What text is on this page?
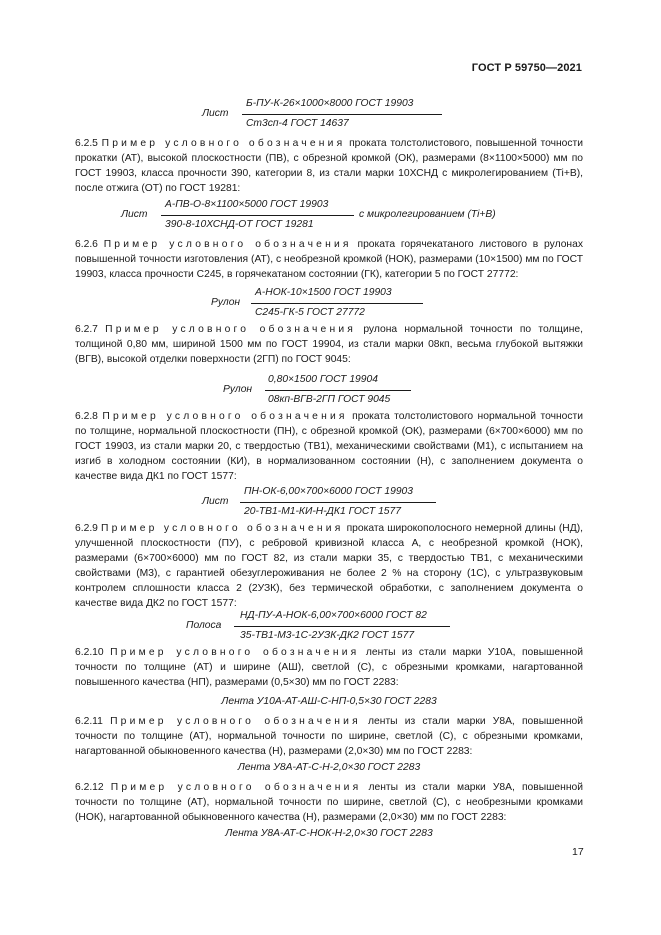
ГОСТ Р 59750—2021
Лист
Б-ПУ-К-26×1000×8000 ГОСТ 19903
Ст3сп-4 ГОСТ 14637
6.2.5 Пример условного обозначения проката толстолистового, повышенной точности прокатки (АТ), высокой плоскостности (ПВ), с обрезной кромкой (ОК), размерами (8×1100×5000) мм по ГОСТ 19903, класса прочности 390, категории 8, из стали марки 10ХСНД с микролегированием (Ti+B), после отжига (ОТ) по ГОСТ 19281:
Лист
А-ПВ-О-8×1100×5000 ГОСТ 19903
390-8-10ХСНД-ОТ ГОСТ 19281
с микролегированием (Ti+B)
6.2.6 Пример условного обозначения проката горячекатаного листового в рулонах повышенной точности изготовления (АТ), с необрезной кромкой (НОК), размерами (10×1500) мм по ГОСТ 19903, класса прочности С245, в горячекатаном состоянии (ГК), категории 5 по ГОСТ 27772:
Рулон
А-НОК-10×1500 ГОСТ 19903
С245-ГК-5 ГОСТ 27772
6.2.7 Пример условного обозначения рулона нормальной точности по толщине, толщиной 0,80 мм, шириной 1500 мм по ГОСТ 19904, из стали марки 08кп, весьма глубокой вытяжки (ВГВ), высокой отделки поверхности (2ГП) по ГОСТ 9045:
Рулон
0,80×1500 ГОСТ 19904
08кп-ВГВ-2ГП ГОСТ 9045
6.2.8 Пример условного обозначения проката толстолистового нормальной точности по толщине, нормальной плоскостности (ПН), с обрезной кромкой (ОК), размерами (6×700×6000) мм по ГОСТ 19903, из стали марки 20, с твердостью (ТВ1), механическими свойствами (М1), с испытанием на изгиб в холодном состоянии (КИ), в нормализованном состоянии (Н), с заполнением документа о качестве вида ДК1 по ГОСТ 1577:
Лист
ПН-ОК-6,00×700×6000 ГОСТ 19903
20-ТВ1-М1-КИ-Н-ДК1 ГОСТ 1577
6.2.9 Пример условного обозначения проката широкополосного немерной длины (НД), улучшенной плоскостности (ПУ), с ребровой кривизной класса А, с необрезной кромкой (НОК), размерами (6×700×6000) мм по ГОСТ 82, из стали марки 35, с твердостью ТВ1, с механическими свойствами (М3), с гарантией обезуглероживания не более 2 % на сторону (1С), с ультразвуковым контролем сплошности класса 2 (2УЗК), без термической обработки, с заполнением документа о качестве вида ДК2 по ГОСТ 1577:
Полоса
НД-ПУ-А-НОК-6,00×700×6000 ГОСТ 82
35-ТВ1-М3-1С-2УЗК-ДК2 ГОСТ 1577
6.2.10 Пример условного обозначения ленты из стали марки У10А, повышенной точности по толщине (АТ) и ширине (АШ), светлой (С), с обрезными кромками, нагартованной повышенного качества (НП), размерами (0,5×30) мм по ГОСТ 2283:
Лента У10А-АТ-АШ-С-НП-0,5×30 ГОСТ 2283
6.2.11 Пример условного обозначения ленты из стали марки У8А, повышенной точности по толщине (АТ), нормальной точности по ширине, светлой (С), с обрезными кромками, нагартованной обыкновенного качества (Н), размерами (2,0×30) мм по ГОСТ 2283:
Лента У8А-АТ-С-Н-2,0×30 ГОСТ 2283
6.2.12 Пример условного обозначения ленты из стали марки У8А, повышенной точности по толщине (АТ), нормальной точности по ширине, светлой (С), с необрезными кромками (НОК), нагартованной обыкновенного качества (Н), размерами (2,0×30) мм по ГОСТ 2283:
Лента У8А-АТ-С-НОК-Н-2,0×30 ГОСТ 2283
17
